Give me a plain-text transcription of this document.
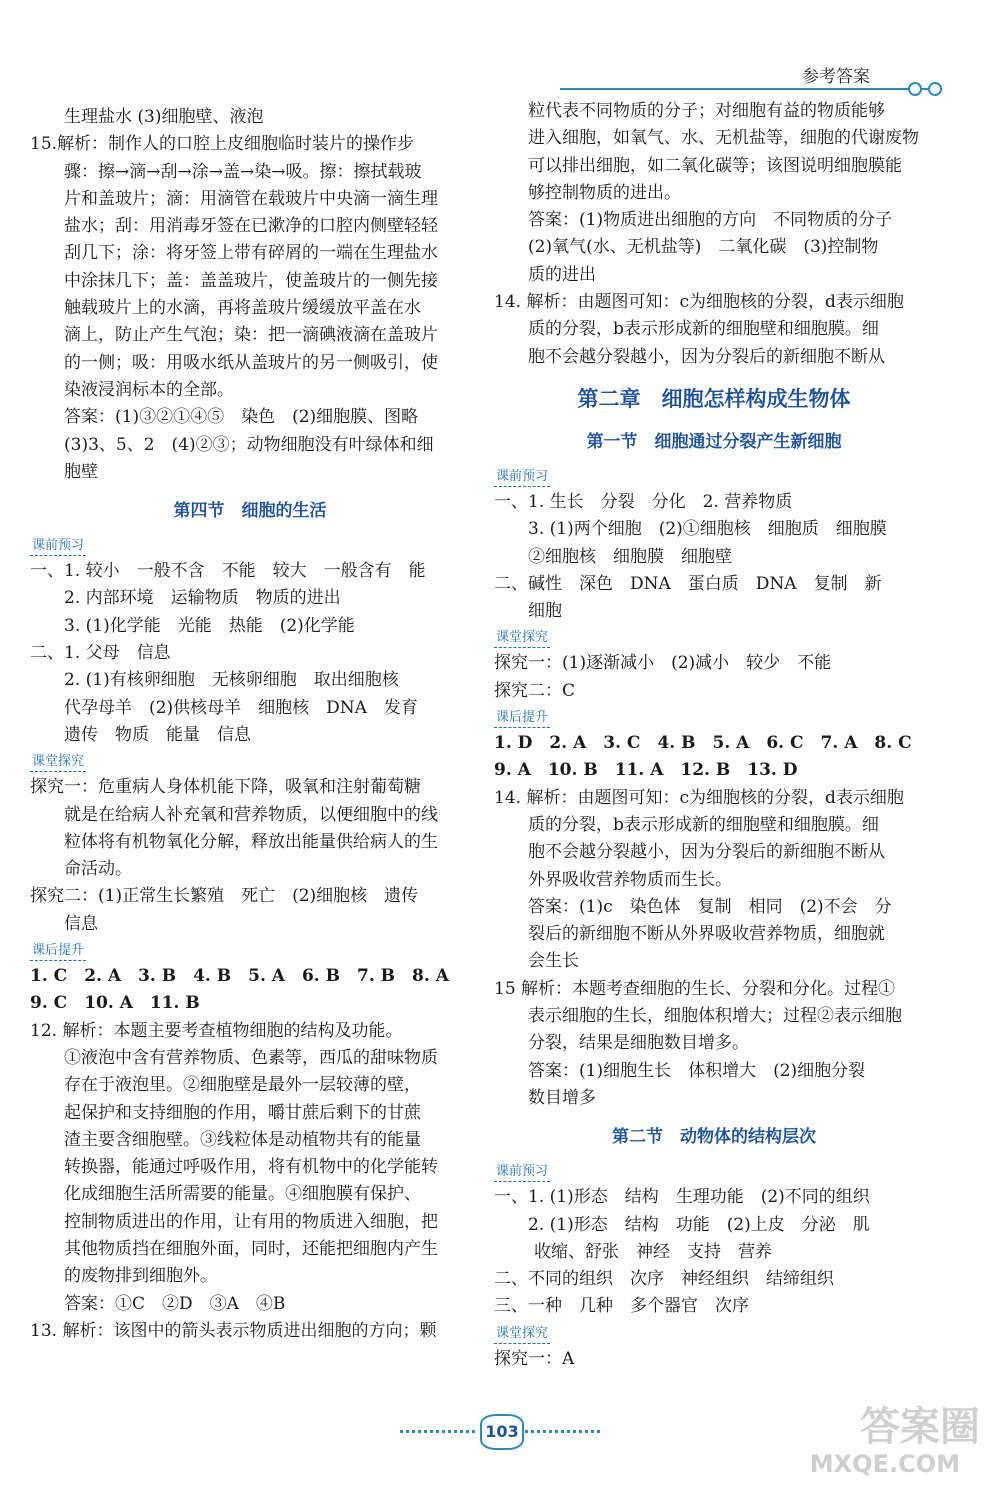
参考答案

生理盐水 (3)细胞壁、液泡

15.解析：制作人的口腔上皮细胞临时装片的操作步

骤：擦→滴→刮→涂→盖→染→吸。擦：擦拭载玻

片和盖玻片；滴：用滴管在载玻片中央滴一滴生理

盐水；刮：用消毒牙签在已漱净的口腔内侧壁轻轻

刮几下；涂：将牙签上带有碎屑的一端在生理盐水

中涂抹几下；盖：盖盖玻片，使盖玻片的一侧先接

触载玻片上的水滴，再将盖玻片缓缓放平盖在水

滴上，防止产生气泡；染：把一滴碘液滴在盖玻片

的一侧；吸：用吸水纸从盖玻片的另一侧吸引，使

染液浸润标本的全部。

答案：(1)③②①④⑤　染色　(2)细胞膜、图略

(3)3、5、2　(4)②③；动物细胞没有叶绿体和细

胞壁

第四节　细胞的生活
课前预习

一、1. 较小　一般不含　不能　较大　一般含有　能

2. 内部环境　运输物质　物质的进出

3. (1)化学能　光能　热能　(2)化学能

二、1. 父母　信息

2. (1)有核卵细胞　无核卵细胞　取出细胞核

代孕母羊　(2)供核母羊　细胞核　DNA　发育

遗传　物质　能量　信息

课堂探究

探究一：危重病人身体机能下降，吸氧和注射葡萄糖

就是在给病人补充氧和营养物质，以便细胞中的线

粒体将有机物氧化分解，释放出能量供给病人的生

命活动。

探究二：(1)正常生长繁殖　死亡　(2)细胞核　遗传

信息

课后提升

1. C　2. A　3. B　4. B　5. A　6. B　7. B　8. A

9. C　10. A　11. B

12. 解析：本题主要考查植物细胞的结构及功能。

①液泡中含有营养物质、色素等，西瓜的甜味物质

存在于液泡里。②细胞壁是最外一层较薄的壁，

起保护和支持细胞的作用，嚼甘蔗后剩下的甘蔗

渣主要含细胞壁。③线粒体是动植物共有的能量

转换器，能通过呼吸作用，将有机物中的化学能转

化成细胞生活所需要的能量。④细胞膜有保护、

控制物质进出的作用，让有用的物质进入细胞，把

其他物质挡在细胞外面，同时，还能把细胞内产生

的废物排到细胞外。

答案：①C　②D　③A　④B

13. 解析：该图中的箭头表示物质进出细胞的方向；颗

粒代表不同物质的分子；对细胞有益的物质能够

进入细胞，如氧气、水、无机盐等，细胞的代谢废物

可以排出细胞，如二氧化碳等；该图说明细胞膜能

够控制物质的进出。

答案：(1)物质进出细胞的方向　不同物质的分子

(2)氧气(水、无机盐等)　二氧化碳　(3)控制物

质的进出

14. 解析：由题图可知：c为细胞核的分裂，d表示细胞

质的分裂，b表示形成新的细胞壁和细胞膜。细

胞不会越分裂越小，因为分裂后的新细胞不断从

第二章　细胞怎样构成生物体
第一节　细胞通过分裂产生新细胞
课前预习

一、1. 生长　分裂　分化　2. 营养物质

3. (1)两个细胞　(2)①细胞核　细胞质　细胞膜

②细胞核　细胞膜　细胞壁

二、碱性　深色　DNA　蛋白质　DNA　复制　新

细胞

课堂探究

探究一：(1)逐渐减小　(2)减小　较少　不能

探究二：C

课后提升

1. D　2. A　3. C　4. B　5. A　6. C　7. A　8. C

9. A　10. B　11. A　12. B　13. D

14. 解析：由题图可知：c为细胞核的分裂，d表示细胞

质的分裂，b表示形成新的细胞壁和细胞膜。细

胞不会越分裂越小，因为分裂后的新细胞不断从

外界吸收营养物质而生长。

答案：(1)c　染色体　复制　相同　(2)不会　分

裂后的新细胞不断从外界吸收营养物质，细胞就

会生长

15 解析：本题考查细胞的生长、分裂和分化。过程①

表示细胞的生长，细胞体积增大；过程②表示细胞

分裂，结果是细胞数目增多。

答案：(1)细胞生长　体积增大　(2)细胞分裂

数目增多

第二节　动物体的结构层次
课前预习

一、1. (1)形态　结构　生理功能　(2)不同的组织

2. (1)形态　结构　功能　(2)上皮　分泌　肌

收缩、舒张　神经　支持　营养

二、不同的组织　次序　神经组织　结缔组织

三、一种　几种　多个器官　次序

课堂探究

探究一：A

103	答案圈
MXQE.COM
